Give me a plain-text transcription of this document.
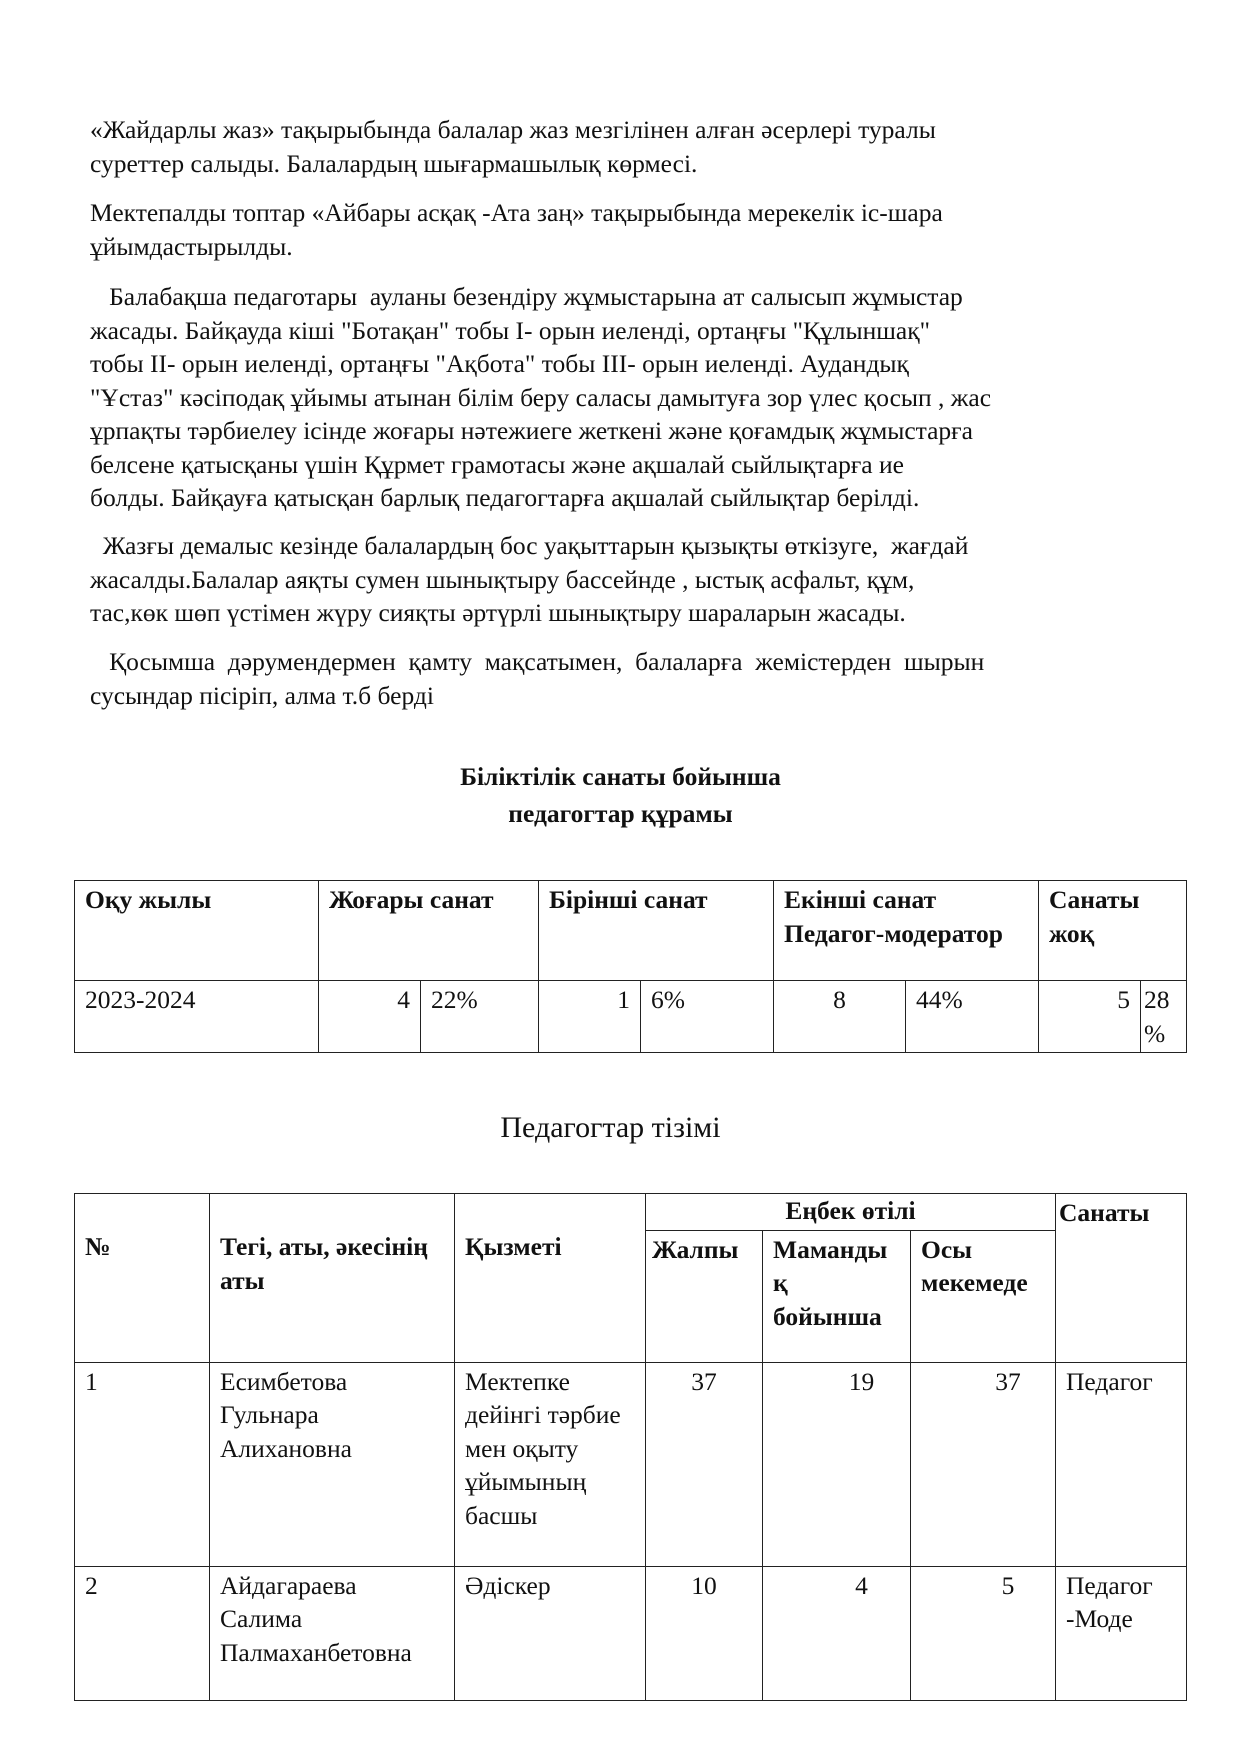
«Жайдарлы жаз» тақырыбында балалар жаз мезгілінен алған әсерлері туралы
суреттер салыды. Балалардың шығармашылық көрмесі.

Мектепалды топтар «Айбары асқақ -Ата заң» тақырыбында мерекелік іс-шара
ұйымдастырылды.

Балабақша педаготары  ауланы безендіру жұмыстарына ат салысып жұмыстар
жасады. Байқауда кіші "Ботақан" тобы І- орын иеленді, ортаңғы "Құлыншақ"
тобы ІІ- орын иеленді, ортаңғы "Ақбота" тобы ІІІ- орын иеленді. Аудандық
"Ұстаз" кәсіподақ ұйымы атынан білім беру саласы дамытуға зор үлес қосып , жас
ұрпақты тәрбиелеу ісінде жоғары нәтежиеге жеткені және қоғамдық жұмыстарға
белсене қатысқаны үшін Құрмет грамотасы және ақшалай сыйлықтарға ие
болды. Байқауға қатысқан барлық педагогтарға ақшалай сыйлықтар берілді.

Жазғы демалыс кезінде балалардың бос уақыттарын қызықты өткізуге,  жағдай
жасалды.Балалар аяқты сумен шынықтыру бассейнде , ыстық асфальт, құм,
тас,көк шөп үстімен жүру сияқты әртүрлі шынықтыру шараларын жасады.

Қосымша  дәрумендермен  қамту  мақсатымен,  балаларға  жемістерден  шырын
сусындар пісіріп, алма т.б берді

Біліктілік санаты бойынша

педагогтар құрамы

Оқу жылы	Жоғары санат		Бірінші санат		Екінші санат Педагог-модератор		Санаты жоқ	
2023-2024	4	22%	1	6%	8	44%	5	28 %

Педагогтар тізімі

№	Тегі, аты, әкесінің аты	Қызметі	Еңбек өтілі			Санаты
			Жалпы	Мамандық бойынша	Осы мекемеде	
1	Есимбетова Гульнара Алихановна	Мектепке дейінгі тәрбие мен оқыту ұйымының басшы	37	19	37	Педагог
2	Айдагараева Салима Палмаханбетовна	Әдіскер	10	4	5	Педагог-Моде
